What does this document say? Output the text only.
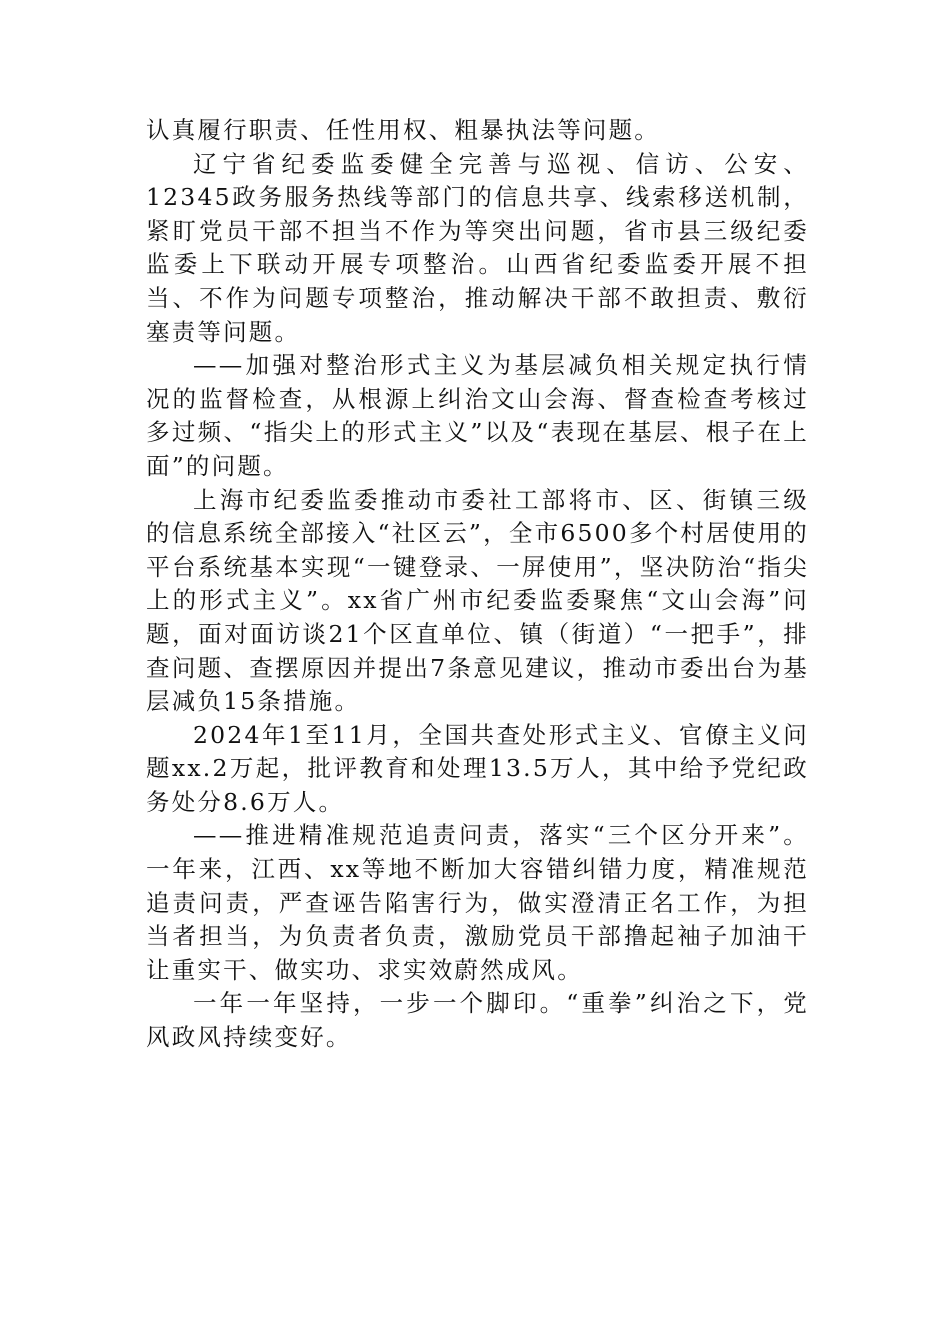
认真履行职责、任性用权、粗暴执法等问题。

辽宁省纪委监委健全完善与巡视、信访、公安、12345政务服务热线等部门的信息共享、线索移送机制，紧盯党员干部不担当不作为等突出问题，省市县三级纪委监委上下联动开展专项整治。山西省纪委监委开展不担当、不作为问题专项整治，推动解决干部不敢担责、敷衍塞责等问题。

——加强对整治形式主义为基层减负相关规定执行情况的监督检查，从根源上纠治文山会海、督查检查考核过多过频、“指尖上的形式主义”以及“表现在基层、根子在上面”的问题。

上海市纪委监委推动市委社工部将市、区、街镇三级的信息系统全部接入“社区云”，全市6500多个村居使用的平台系统基本实现“一键登录、一屏使用”，坚决防治“指尖上的形式主义”。xx省广州市纪委监委聚焦“文山会海”问题，面对面访谈21个区直单位、镇（街道）“一把手”，排查问题、查摆原因并提出7条意见建议，推动市委出台为基层减负15条措施。

2024年1至11月，全国共查处形式主义、官僚主义问题xx.2万起，批评教育和处理13.5万人，其中给予党纪政务处分8.6万人。

——推进精准规范追责问责，落实“三个区分开来”。一年来，江西、xx等地不断加大容错纠错力度，精准规范追责问责，严查诬告陷害行为，做实澄清正名工作，为担当者担当，为负责者负责，激励党员干部撸起袖子加油干让重实干、做实功、求实效蔚然成风。

一年一年坚持，一步一个脚印。“重拳”纠治之下，党风政风持续变好。
